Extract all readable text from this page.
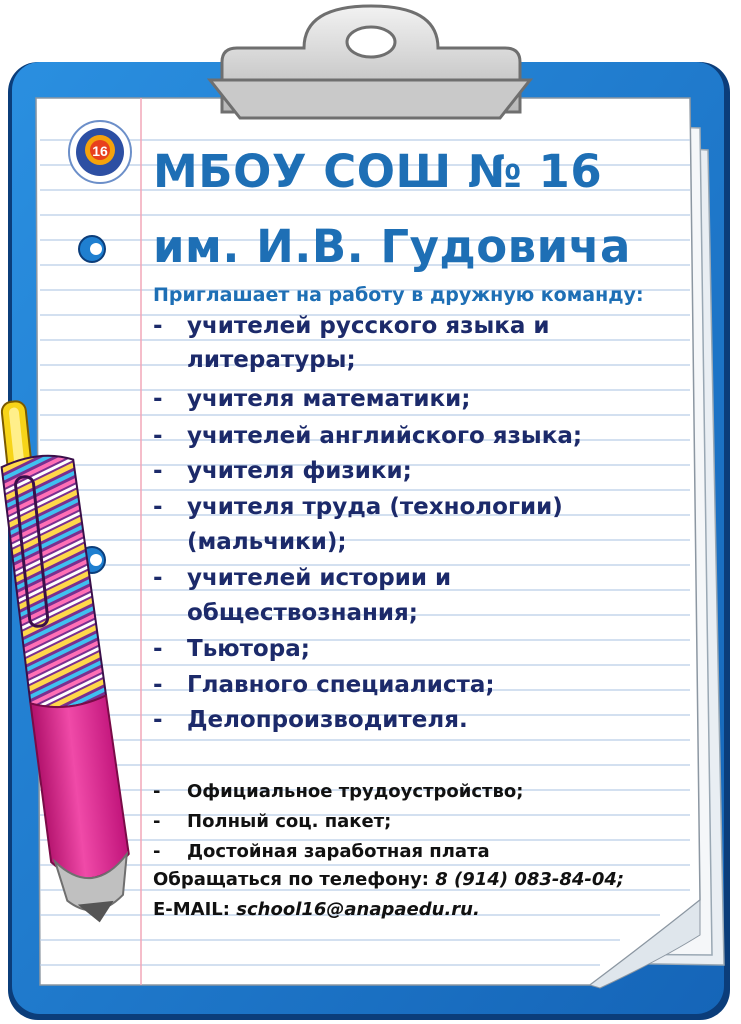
16 МБОУ СОШ № 16
им. И.В. Гудовича
Приглашает на работу в дружную команду:
- учителей русского языка и
литературы;
- учителя математики;
- учителей английского языка;
- учителя физики;
- учителя труда (технологии)
(мальчики);
- учителей истории и
обществознания;
- Тьютора;
- Главного специалиста;
- Делопроизводителя.
- Официальное трудоустройство;
- Полный соц. пакет;
- Достойная заработная плата
Обращаться по телефону: 8 (914) 083-84-04;
E-MAIL: school16@anapaedu.ru.
